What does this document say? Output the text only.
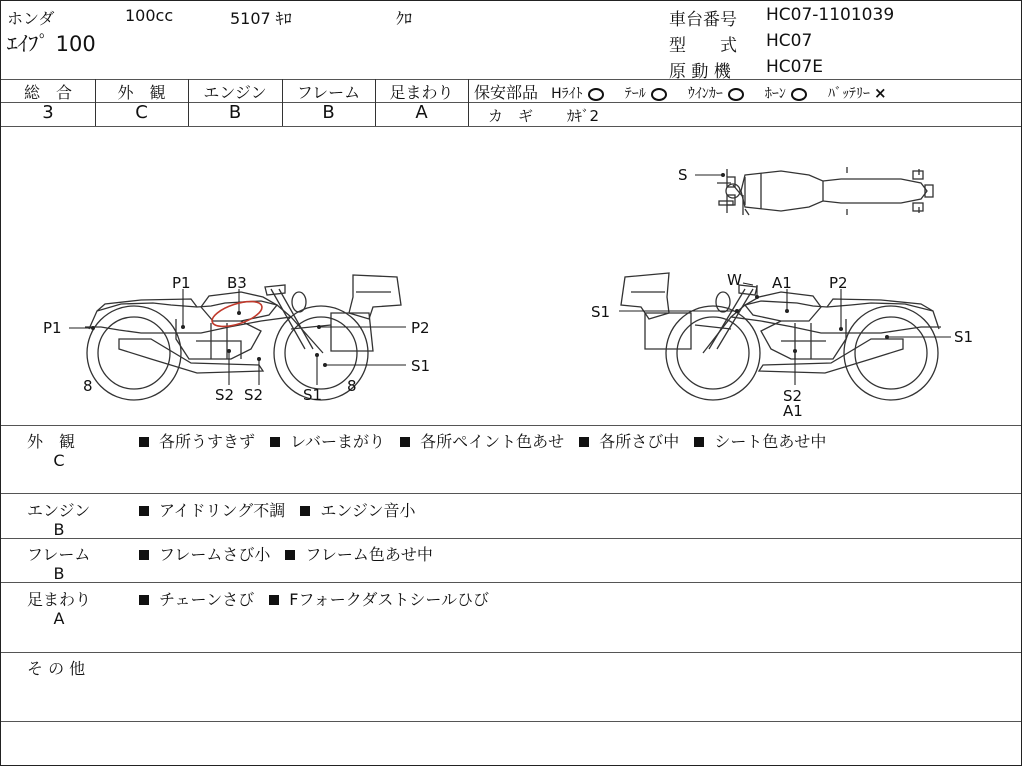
ホンダ	100cc	5107 ｷﾛ	ｸﾛ
ｴｲﾌﾟ 100
車台番号 HC07-1101039
型　　式 HC07
原 動 機 HC07E
総　合	外　観	エンジン	フレーム	足まわり
3	C	B	B	A
保安部品 Hﾗｲﾄ	ﾃｰﾙ	ｳｲﾝｶｰ	ﾎｰﾝ	ﾊﾞｯﾃﾘｰ ×
カ　ギ ｶｷﾞ2
P1 B3
P1	P2
S1
8	S2 S2	S1 8
S
W A1 P2
S1
S1
S2
A1
外　観
C
各所うすきず レバーまがり 各所ペイント色あせ 各所さび中 シート色あせ中
エンジン
B
アイドリング不調 エンジン音小
フレーム
B
フレームさび小 フレーム色あせ中
足まわり
A
チェーンさび Fフォークダストシールひび
そ の 他
